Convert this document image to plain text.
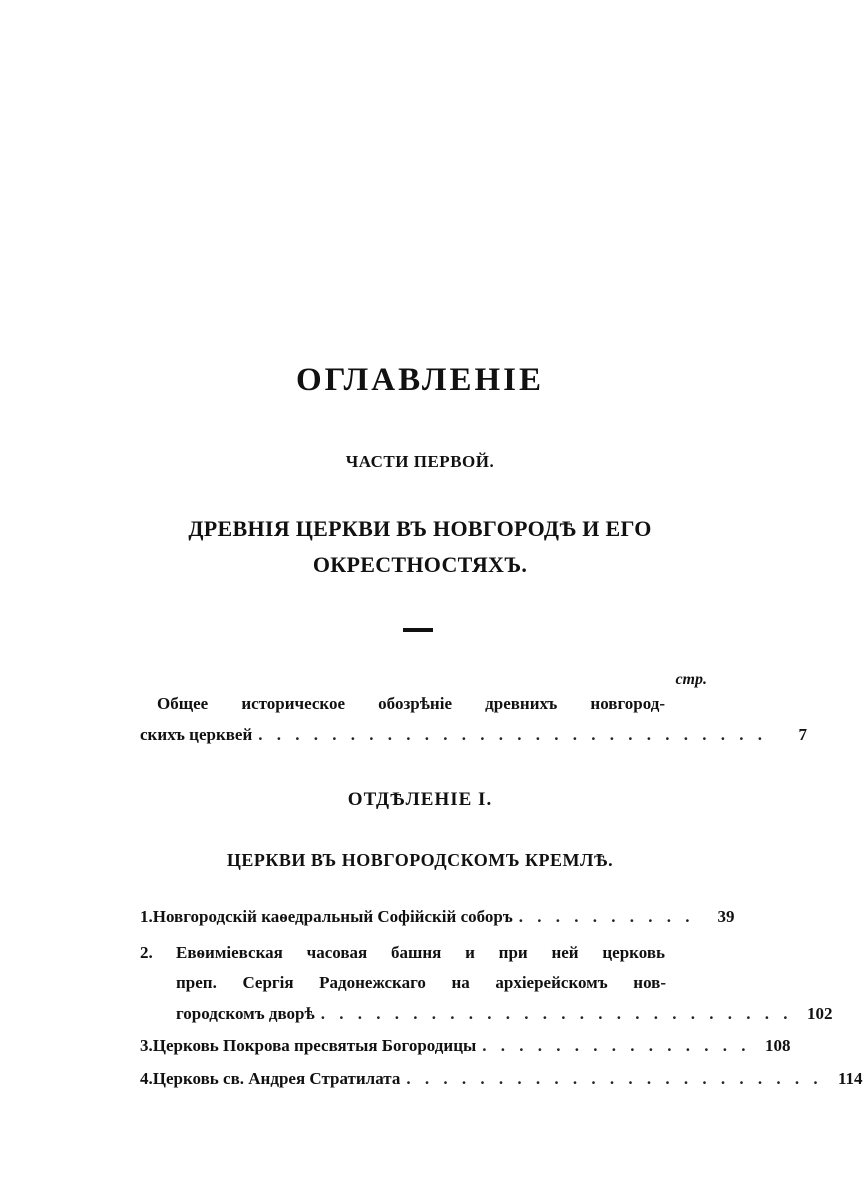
ОГЛАВЛЕНІЕ
ЧАСТИ ПЕРВОЙ.
ДРЕВНІЯ ЦЕРКВИ ВЪ НОВГОРОДѢ И ЕГО
ОКРЕСТНОСТЯХЪ.
стр.
Общее историческое обозрѣніе древнихъ новгород-
скихъ церквей . . . . . . . . . . . . . . . . . . . . . . . . . . . .	7
ОТДѢЛЕНІЕ I.
ЦЕРКВИ ВЪ НОВГОРОДСКОМЪ КРЕМЛѢ.
1. Новгородскій каѳедральный Софійскій соборъ . . . . . . . . . .	39
2.	Евѳиміевская часовая башня и при ней церковь
преп. Сергія Радонежскаго на архіерейскомъ нов-
городскомъ дворѣ . . . . . . . . . . . . . . . . . . . . . . . . . . 102
3. Церковь Покрова пресвятыя Богородицы . . . . . . . . . . . . . . . 108
4. Церковь св. Андрея Стратилата . . . . . . . . . . . . . . . . . . . . . . . 114
